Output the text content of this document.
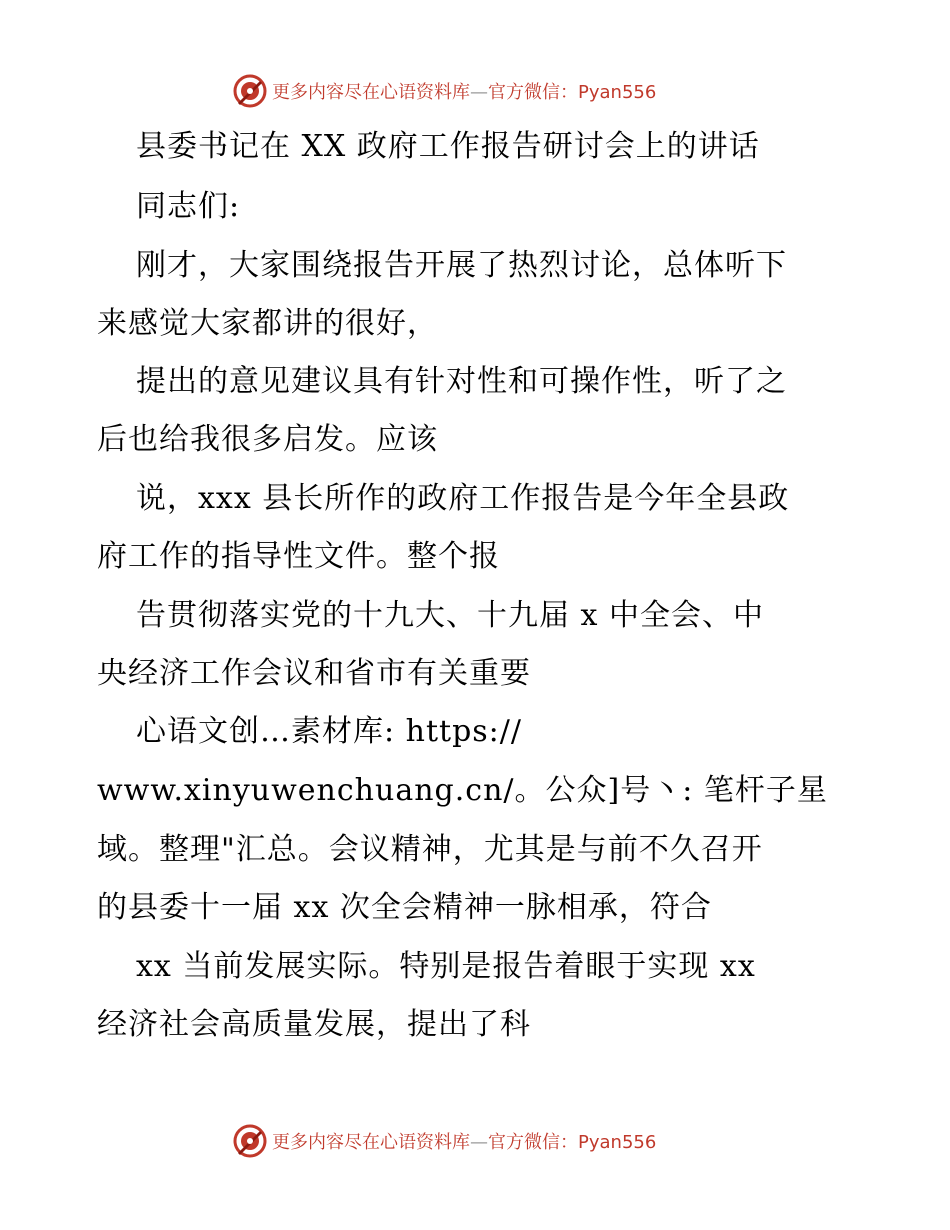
更多内容尽在心语资料库—官方微信：Pyan556
县委书记在 XX 政府工作报告研讨会上的讲话
同志们:
刚才，大家围绕报告开展了热烈讨论，总体听下
来感觉大家都讲的很好，
提出的意见建议具有针对性和可操作性，听了之
后也给我很多启发。应该
说，xxx 县长所作的政府工作报告是今年全县政
府工作的指导性文件。整个报
告贯彻落实党的十九大、十九届 x 中全会、中
央经济工作会议和省市有关重要
心语文创…素材库: https://
www.xinyuwenchuang.cn/。公众]号丶: 笔杆子星
域。整理"汇总。会议精神，尤其是与前不久召开
的县委十一届 xx 次全会精神一脉相承，符合
xx 当前发展实际。特别是报告着眼于实现 xx
经济社会高质量发展，提出了科
更多内容尽在心语资料库—官方微信：Pyan556
